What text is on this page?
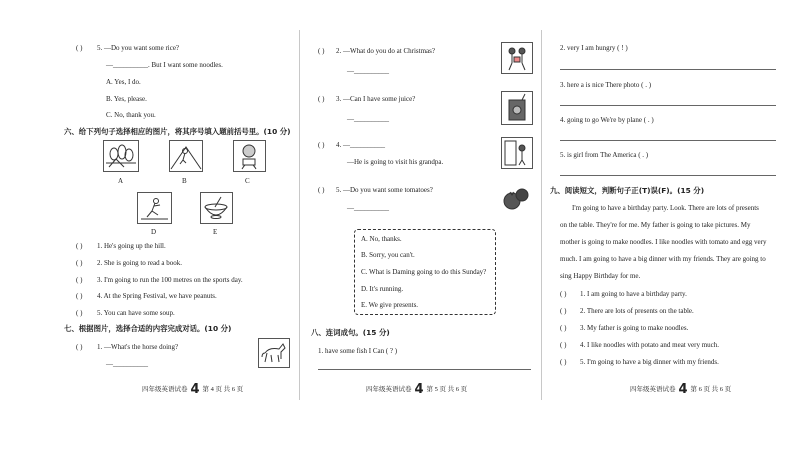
( ) 5. —Do you want some rice?
—__________. But I want some noodles.
A. Yes, I do.
B. Yes, please.
C. No, thank you.
六、给下列句子选择相应的图片，将其序号填入题前括号里。(10 分)
A	B	C
D	E
( ) 1. He's going up the hill.
( ) 2. She is going to read a book.
( ) 3. I'm going to run the 100 metres on the sports day.
( ) 4. At the Spring Festival, we have peanuts.
( ) 5. You can have some soup.
七、根据图片，选择合适的内容完成对话。(10 分)
( ) 1. —What's the horse doing?
—__________
四年级英语试卷 4 第 4 页 共 6 页
( ) 2. —What do you do at Christmas?
—__________
( ) 3. —Can I have some juice?
—__________
( ) 4. —__________
—He is going to visit his grandpa.
( ) 5. —Do you want some tomatoes?
—__________
A. No, thanks.
B. Sorry, you can't.
C. What is Daming going to do this Sunday?
D. It's running.
E. We give presents.
八、连词成句。(15 分)
1. have some fish I Can ( ? )
四年级英语试卷 4 第 5 页 共 6 页
2. very I am hungry ( ! )
3. here a is nice There photo ( . )
4. going to go We're by plane ( . )
5. is girl from The America ( . )
九、阅读短文，判断句子正(T)误(F)。(15 分)
I'm going to have a birthday party. Look. There are lots of presents
on the table. They're for me. My father is going to take pictures. My
mother is going to make noodles. I like noodles with tomato and egg very
much. I am going to have a big dinner with my friends. They are going to
sing Happy Birthday for me.
( ) 1. I am going to have a birthday party.
( ) 2. There are lots of presents on the table.
( ) 3. My father is going to make noodles.
( ) 4. I like noodles with potato and meat very much.
( ) 5. I'm going to have a big dinner with my friends.
四年级英语试卷 4 第 6 页 共 6 页
